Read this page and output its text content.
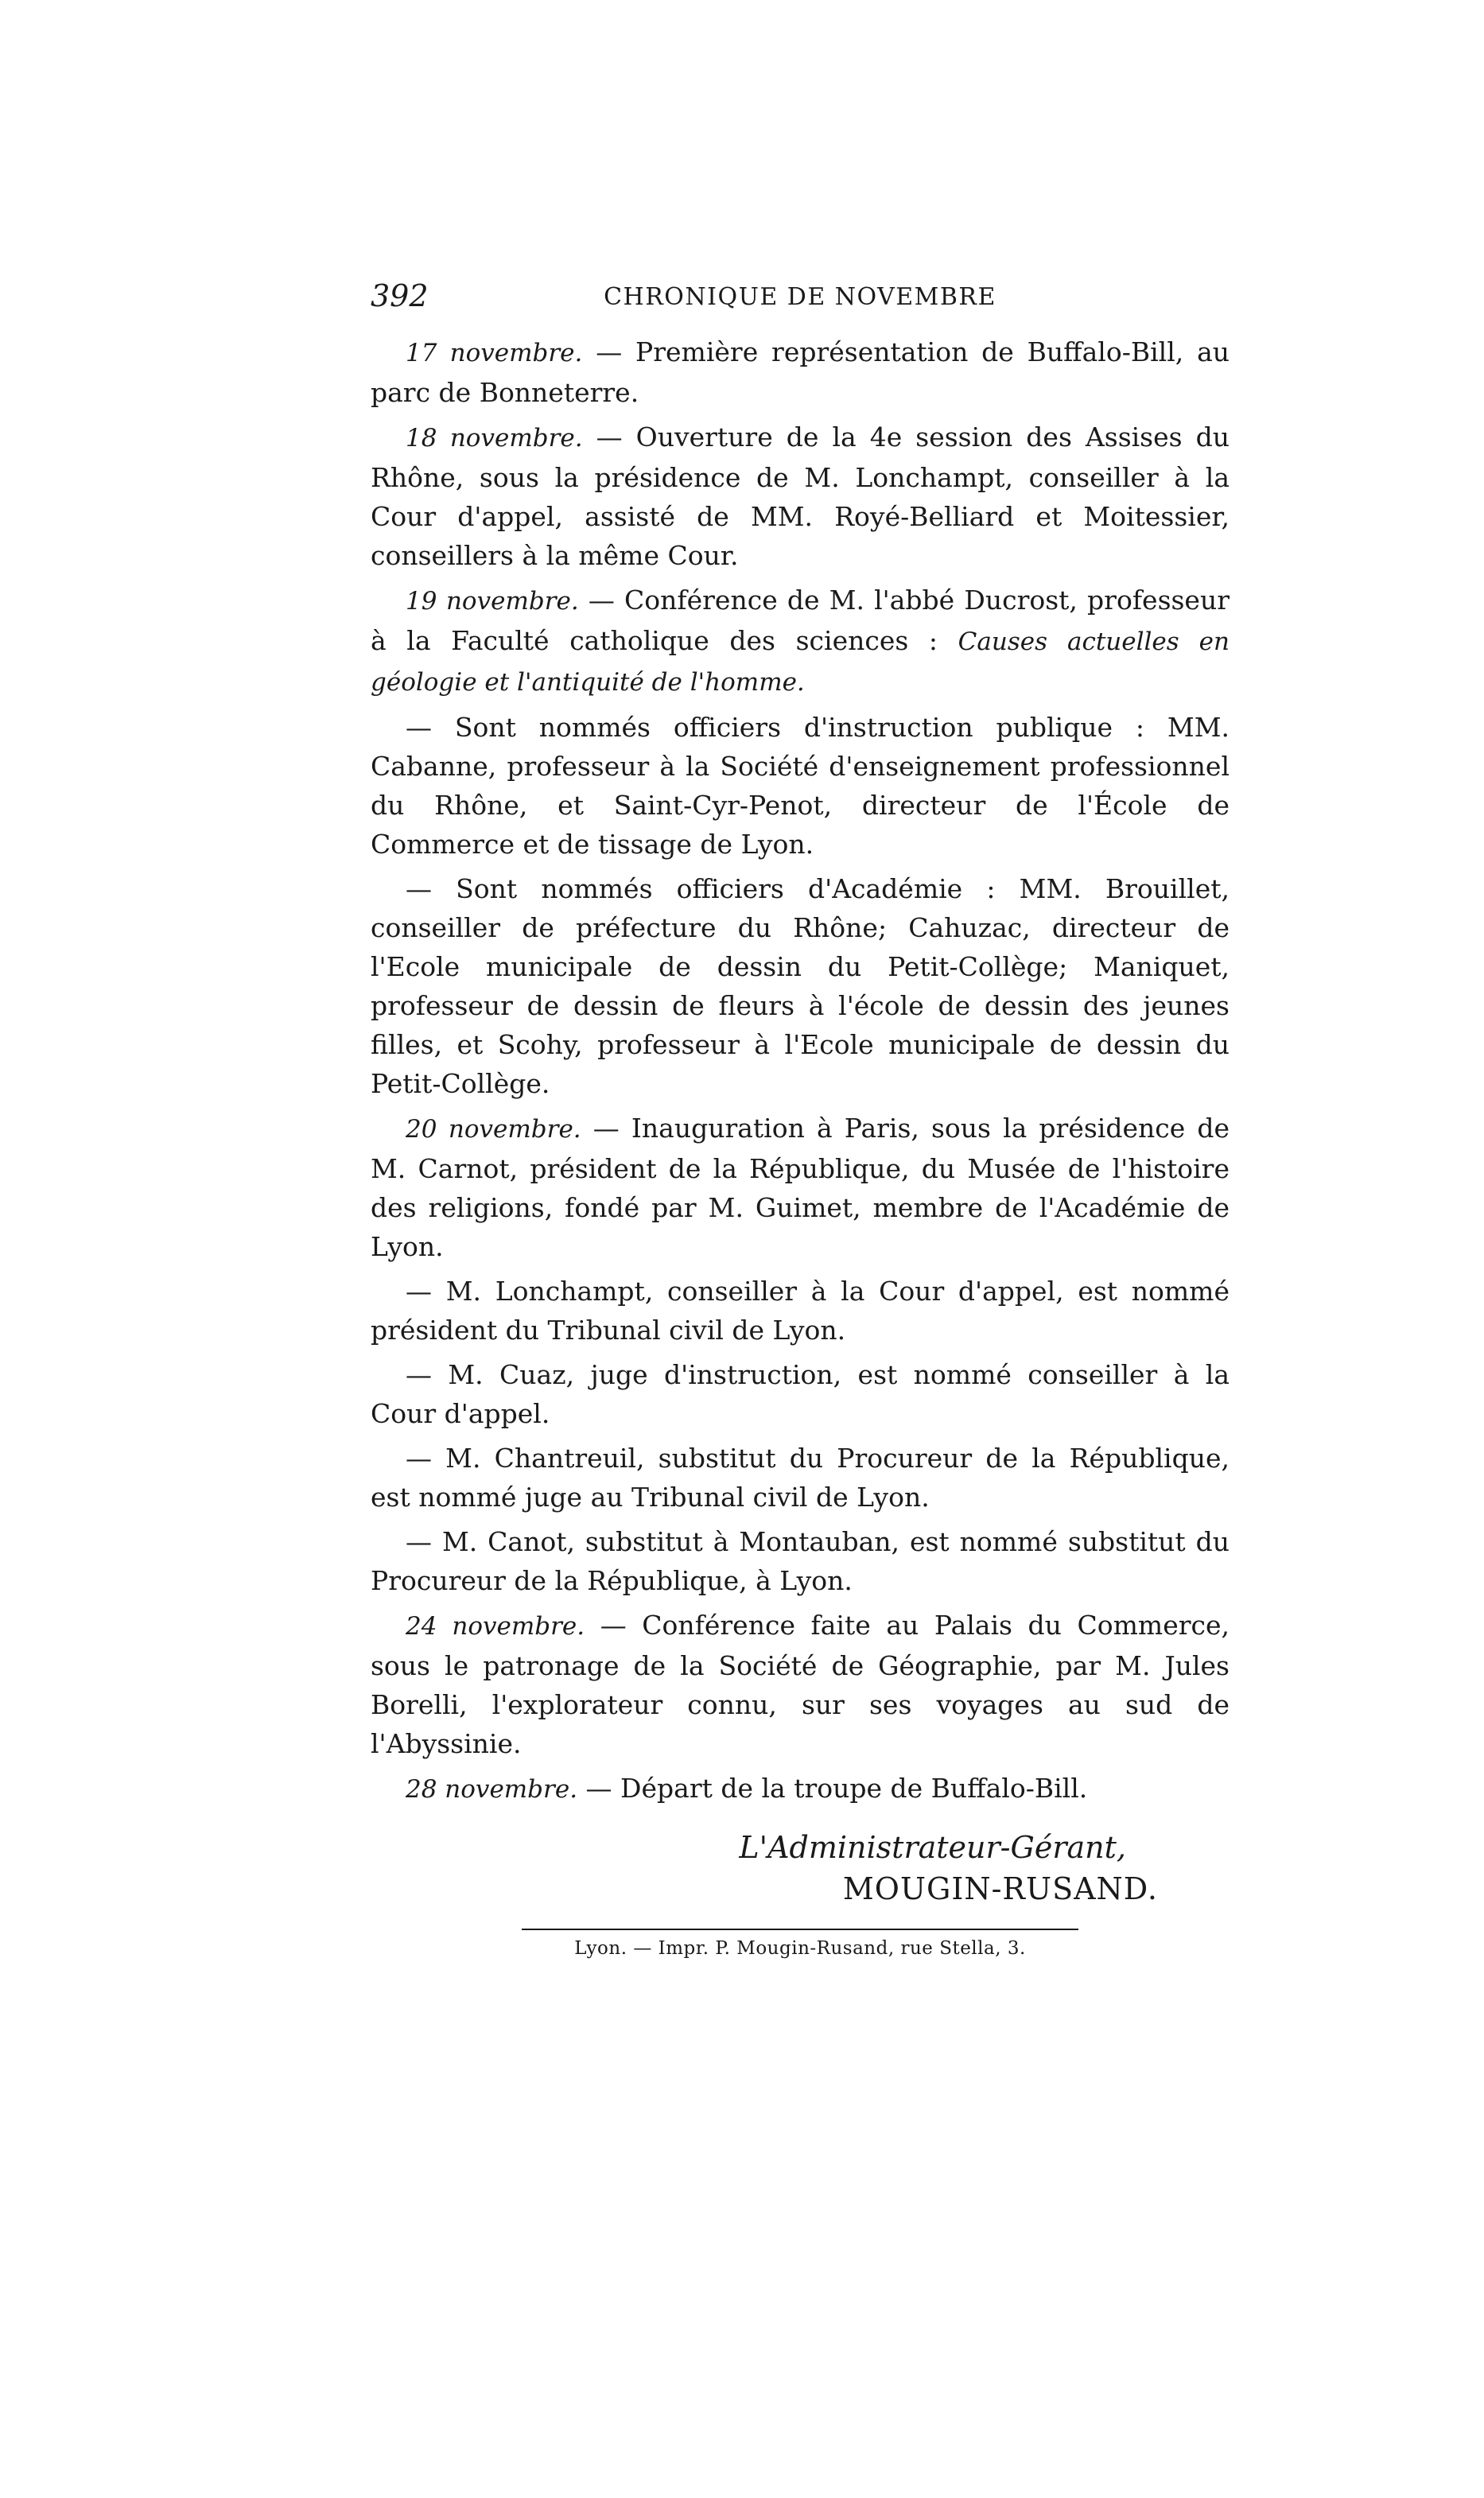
392	CHRONIQUE DE NOVEMBRE

17 novembre. — Première représentation de Buffalo-Bill, au parc de Bonneterre.

18 novembre. — Ouverture de la 4e session des Assises du Rhône, sous la présidence de M. Lonchampt, conseiller à la Cour d'appel, assisté de MM. Royé-Belliard et Moitessier, conseillers à la même Cour.

19 novembre. — Conférence de M. l'abbé Ducrost, professeur à la Faculté catholique des sciences : Causes actuelles en géologie et l'antiquité de l'homme.

— Sont nommés officiers d'instruction publique : MM. Cabanne, professeur à la Société d'enseignement professionnel du Rhône, et Saint-Cyr-Penot, directeur de l'École de Commerce et de tissage de Lyon.

— Sont nommés officiers d'Académie : MM. Brouillet, conseiller de préfecture du Rhône; Cahuzac, directeur de l'Ecole municipale de dessin du Petit-Collège; Maniquet, professeur de dessin de fleurs à l'école de dessin des jeunes filles, et Scohy, professeur à l'Ecole municipale de dessin du Petit-Collège.

20 novembre. — Inauguration à Paris, sous la présidence de M. Carnot, président de la République, du Musée de l'histoire des religions, fondé par M. Guimet, membre de l'Académie de Lyon.

— M. Lonchampt, conseiller à la Cour d'appel, est nommé président du Tribunal civil de Lyon.

— M. Cuaz, juge d'instruction, est nommé conseiller à la Cour d'appel.

— M. Chantreuil, substitut du Procureur de la République, est nommé juge au Tribunal civil de Lyon.

— M. Canot, substitut à Montauban, est nommé substitut du Procureur de la République, à Lyon.

24 novembre. — Conférence faite au Palais du Commerce, sous le patronage de la Société de Géographie, par M. Jules Borelli, l'explorateur connu, sur ses voyages au sud de l'Abyssinie.

28 novembre. — Départ de la troupe de Buffalo-Bill.

L'Administrateur-Gérant,
MOUGIN-RUSAND.
Lyon. — Impr. P. Mougin-Rusand, rue Stella, 3.
